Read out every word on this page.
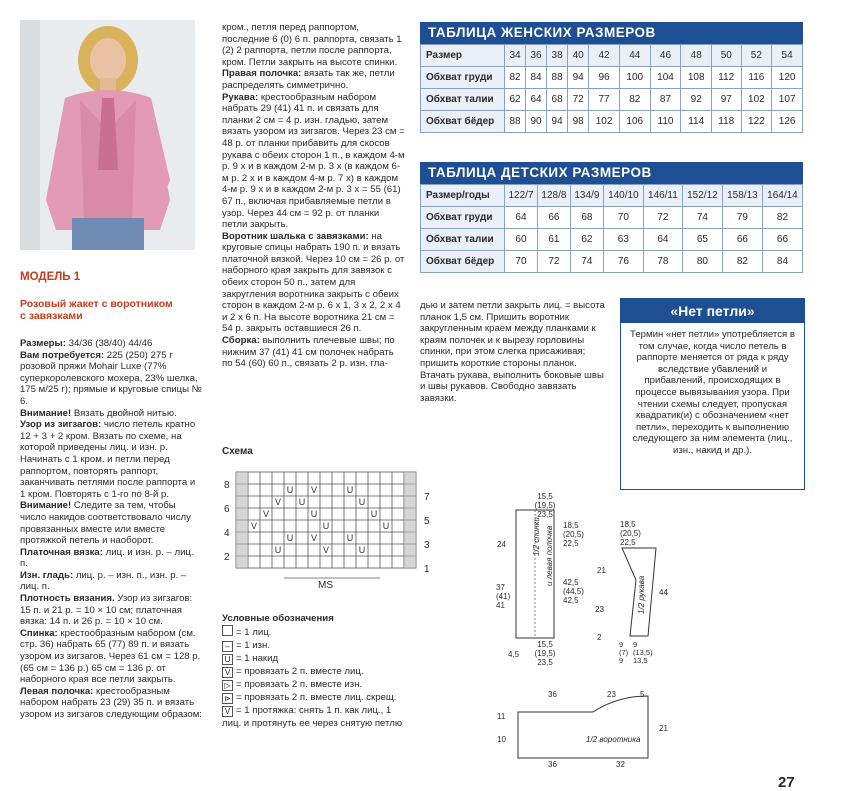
МОДЕЛЬ 1
Розовый жакет с воротником
с завязками

Размеры: 34/36 (38/40) 44/46

Вам потребуется: 225 (250) 275 г розовой пряжи Mohair Luxe (77% суперкоролевского мохера, 23% шелка, 175 м/25 г); прямые и круговые спицы № 6.

Внимание! Вязать двойной нитью.

Узор из зигзагов: число петель кратно 12 + 3 + 2 кром. Вязать по схеме, на которой приведены лиц. и изн. р. Начинать с 1 кром. и петли перед раппортом, повторять раппорт, заканчивать петлями после раппорта и 1 кром. Повторять с 1-го по 8-й р.

Внимание! Следите за тем, чтобы число накидов соответствовало числу провязанных вместе или вместе протяжкой петель и наоборот.

Платочная вязка: лиц. и изн. р. – лиц. п.

Изн. гладь: лиц. р. – изн. п., изн. р. – лиц. п.

Плотность вязания. Узор из зигзагов: 15 п. и 21 р. = 10 × 10 см; платочная вязка: 14 п. и 26 р. = 10 × 10 см.

Спинка: крестообразным набором (см. стр. 36) набрать 65 (77) 89 п. и вязать узором из зигзагов. Через 61 см = 128 р. (65 см = 136 р.) 65 см = 136 р. от наборного края все петли закрыть.

Левая полочка: крестообразным набором набрать 23 (29) 35 п. и вязать узором из зигзагов следующим образом:

кром., петля перед раппортом, последние 6 (0) 6 п. раппорта, связать 1 (2) 2 раппорта, петли после раппорта, кром. Петли закрыть на высоте спинки.

Правая полочка: вязать так же, петли распределять симметрично.

Рукава: крестообразным набором набрать 29 (41) 41 п. и связать для планки 2 см = 4 р. изн. гладью, затем вязать узором из зигзагов. Через 23 см = 48 р. от планки прибавить для скосов рукава с обеих сторон 1 п., в каждом 4-м р. 9 х и в каждом 2-м р. 3 х (в каждом 6-м р. 2 х и в каждом 4-м р. 7 х) в каждом 4-м р. 9 х и в каждом 2-м р. 3 х = 55 (61) 67 п., включая прибавляемые петли в узор. Через 44 см = 92 р. от планки петли закрыть.

Воротник шалька с завязками: на круговые спицы набрать 190 п. и вязать платочной вязкой. Через 10 см = 26 р. от наборного края закрыть для завязок с обеих сторон 50 п., затем для закругления воротника закрыть с обеих сторон в каждом 2-м р. 6 х 1, 3 х 2, 2 х 4 и 2 х 6 п. На высоте воротника 21 см = 54 р. закрыть оставшиеся 26 п.

Сборка: выполнить плечевые швы; по нижним 37 (41) 41 см полочек набрать по 54 (60) 60 п., связать 2 р. изн. гла-

дью и затем петли закрыть лиц. = высота планок 1,5 см. Пришить воротник закругленным краем между планками к краям полочек и к вырезу горловины спинки, при этом слегка присаживая; пришить короткие стороны планок. Втачать рукава, выполнить боковые швы и швы рукавов. Свободно завязать завязки.
ТАБЛИЦА ЖЕНСКИХ РАЗМЕРОВ
Размер	34	36	38	40	42	44	46	48	50	52	54
Обхват груди	82	84	88	94	96	100	104	108	112	116	120
Обхват талии	62	64	68	72	77	82	87	92	97	102	107
Обхват бёдер	88	90	94	98	102	106	110	114	118	122	126
ТАБЛИЦА ДЕТСКИХ РАЗМЕРОВ
Размер/годы	122/7	128/8	134/9	140/10	146/11	152/12	158/13	164/14
Обхват груди	64	66	68	70	72	74	79	82
Обхват талии	60	61	62	63	64	65	66	66
Обхват бёдер	70	72	74	76	78	80	82	84
«Нет петли»
Термин «нет петли» употребляется в том случае, когда число петель в раппорте меняется от ряда к ряду вследствие убавлений и прибавлений, происходящих в процессе вывязывания узора. При чтении схемы следует, пропуская квадратик(и) с обозначением «нет петли», переходить к выполнению следующего за ним элемента (лиц., изн., накид и др.).
Схема
U V	U
V U	U
V	U	U
V	U	U
U V	U
U	V	U
8
6
4
2
7
5
3
1
MS
Условные обозначения
= 1 лиц.
– = 1 изн.
U = 1 накид
V = провязать 2 п. вместе лиц.
▷ = провязать 2 п. вместе изн.
⊳ = провязать 2 п. вместе лиц. скрещ.
V = 1 протяжка: снять 1 п. как лиц., 1 лиц. и протянуть ее через снятую петлю
15,5 (19,5) 23,5
18,5 (20,5) 22,5
24
37 (41) 41
42,5 (44,5) 42,5
15,5 (19,5) 23,5
4,5
1/2 спинки и левая полочка
18,5 (20,5) 22,5
21
23
2
44
9 (7) 9
9 (13,5) 13,5
1/2 рукава
36	23	5
11
10
21
36	32
1/2 воротника
27
